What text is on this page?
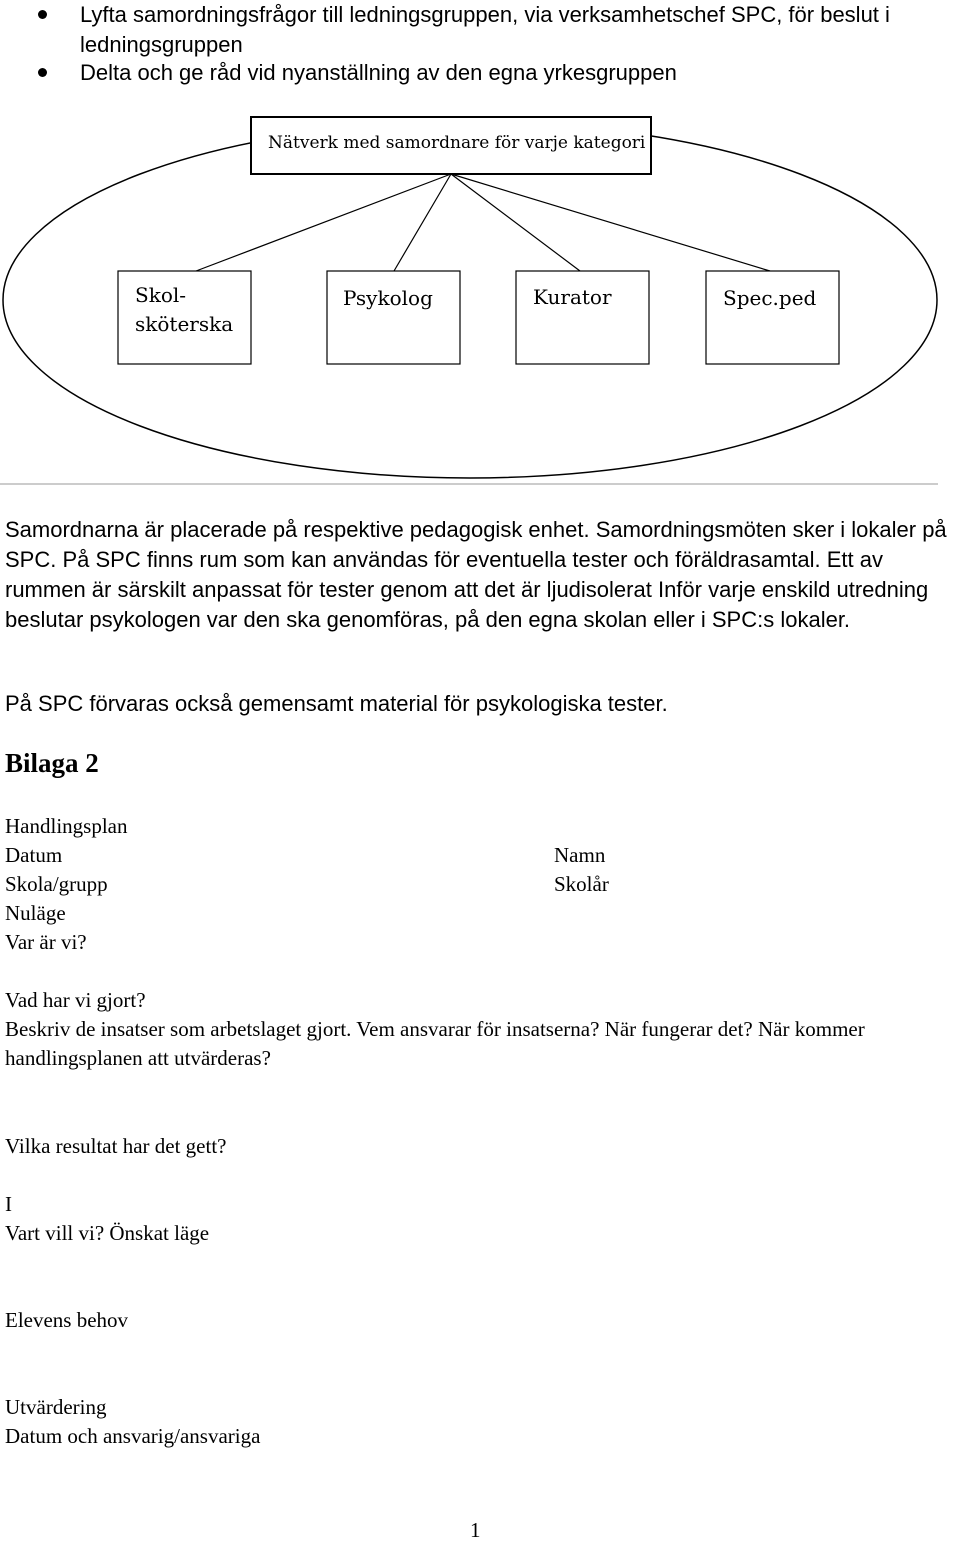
Lyfta samordningsfrågor till ledningsgruppen, via verksamhetschef SPC, för beslut i ledningsgruppen
Delta och ge råd vid nyanställning av den egna yrkesgruppen
Nätverk med samordnare för varje kategori
Skol-
sköterska
Psykolog	Kurator	Spec.ped
Samordnarna är placerade på respektive pedagogisk enhet. Samordningsmöten sker i lokaler på SPC. På SPC finns rum som kan användas för eventuella tester och föräldrasamtal. Ett av rummen är särskilt anpassat för tester genom att det är ljudisolerat Inför varje enskild utredning beslutar psykologen var den ska genomföras, på den egna skolan eller i SPC:s lokaler.
På SPC förvaras också gemensamt material för psykologiska tester.
Bilaga 2
Handlingsplan
Datum
Skola/grupp
Nuläge
Var är vi?
Namn
Skolår
Vad har vi gjort?
Beskriv de insatser som arbetslaget gjort. Vem ansvarar för insatserna? När fungerar det? När kommer handlingsplanen att utvärderas?
Vilka resultat har det gett?
I
Vart vill vi? Önskat läge
Elevens behov
Utvärdering
Datum och ansvarig/ansvariga
1
